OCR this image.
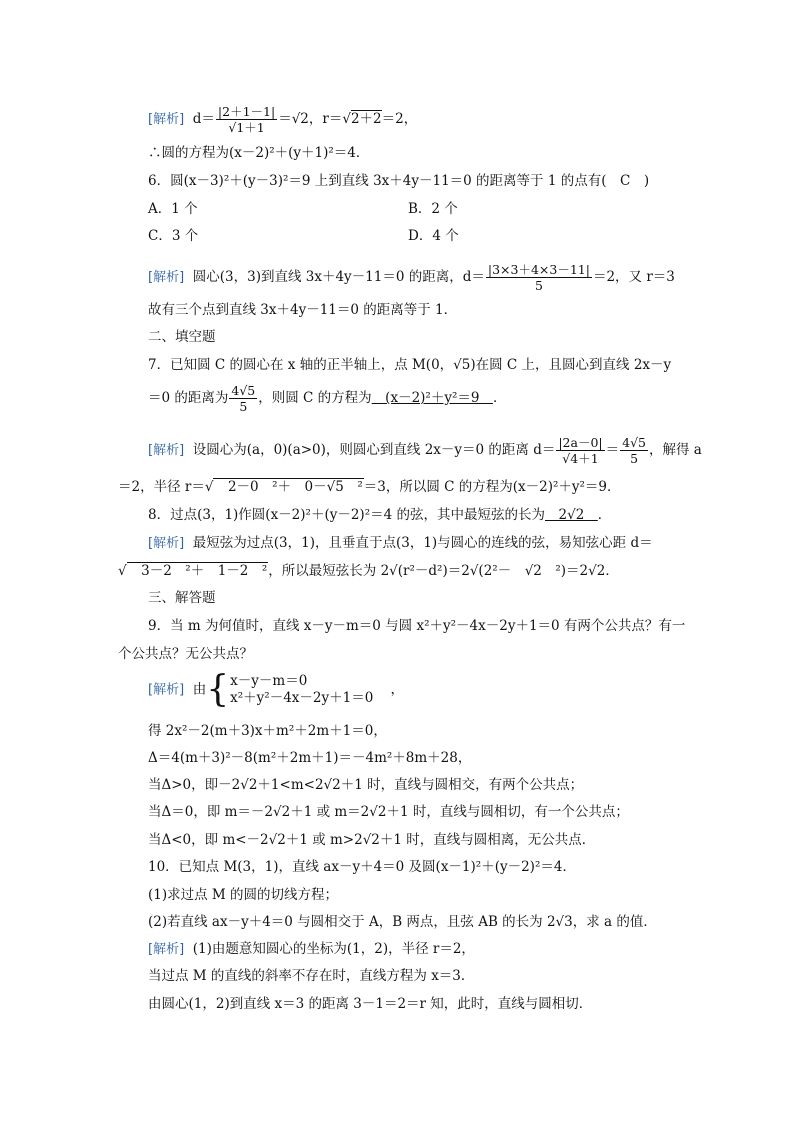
[解析] $d= \frac{|2+1-1|}{√1+1} =√2$，r＝√2＋2＝2，
∴圆的方程为(x－2)²＋(y＋1)²＝4．
6．圆(x－3)²＋(y－3)²＝9 上到直线 3x＋4y－11＝0 的距离等于 1 的点有(　C　)
A．1 个	B．2 个
C．3 个	D．4 个
[解析] 圆心(3，3)到直线 3x＋4y－11＝0 的距离，$d= \frac{|3\times 3+4\times 3-11|}{5} =2$，又 r＝3
故有三个点到直线 3x＋4y－11＝0 的距离等于 1．
二、填空题
7．已知圆 C 的圆心在 x 轴的正半轴上，点 M(0，√5)在圆 C 上，且圆心到直线 2x－y
＝0 的距离为 $\frac{4√5}{5}$ ，则圆 C 的方程为　(x－2)²＋y²＝9　．
[解析] 设圆心为(a，0)(a>0)，则圆心到直线 2x－y＝0 的距离 $d= \frac{|2a-0|}{√4+1} = \frac{4√5}{5}$ ，解得 a
＝2，半径 r＝√　2－0　²＋　0－√5　²＝3，所以圆 C 的方程为(x－2)²＋y²＝9．
8．过点(3，1)作圆(x－2)²＋(y－2)²＝4 的弦，其中最短弦的长为　2√2　．
[解析] 最短弦为过点(3，1)，且垂直于点(3，1)与圆心的连线的弦，易知弦心距 d＝
√　3－2　²＋　1－2　²，所以最短弦长为 2√(r²－d²)＝2√(2²－　√2　²)＝2√2．
三、解答题
9．当 m 为何值时，直线 x－y－m＝0 与圆 x²＋y²－4x－2y＋1＝0 有两个公共点？有一
个公共点？无公共点？
[解析] 由{ x－y－m＝0
x²＋y²－4x－2y＋1＝0
，
得 2x²－2(m＋3)x＋m²＋2m＋1＝0，
Δ＝4(m＋3)²－8(m²＋2m＋1)＝－4m²＋8m＋28，
当Δ>0，即－2√2＋1<m<2√2＋1 时，直线与圆相交，有两个公共点；
当Δ＝0，即 m＝－2√2＋1 或 m＝2√2＋1 时，直线与圆相切，有一个公共点；
当Δ<0，即 m<－2√2＋1 或 m>2√2＋1 时，直线与圆相离，无公共点．
10．已知点 M(3，1)，直线 ax－y＋4＝0 及圆(x－1)²＋(y－2)²＝4．
(1)求过点 M 的圆的切线方程；
(2)若直线 ax－y＋4＝0 与圆相交于 A，B 两点，且弦 AB 的长为 2√3，求 a 的值．
[解析] (1)由题意知圆心的坐标为(1，2)，半径 r＝2，
当过点 M 的直线的斜率不存在时，直线方程为 x＝3．
由圆心(1，2)到直线 x＝3 的距离 3－1＝2＝r 知，此时，直线与圆相切．
